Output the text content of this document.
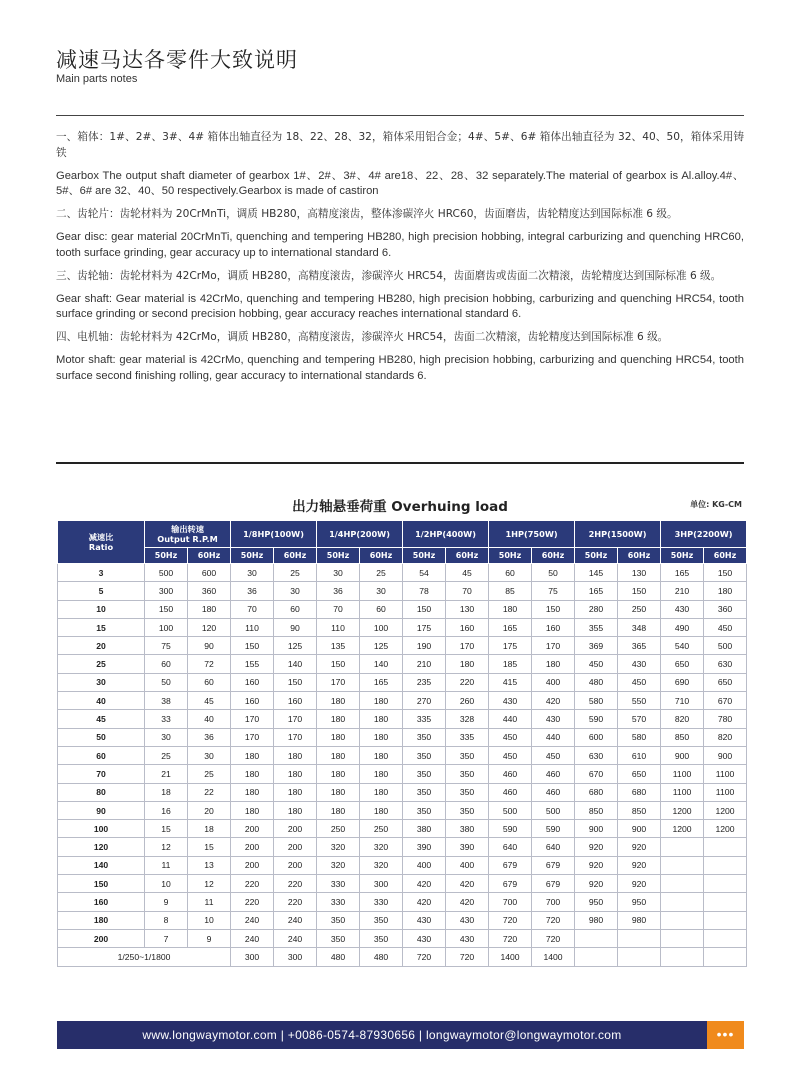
减速马达各零件大致说明
Main parts notes

一、箱体：1#、2#、3#、4# 箱体出轴直径为 18、22、28、32，箱体采用铝合金；4#、5#、6# 箱体出轴直径为 32、40、50，箱体采用铸铁

Gearbox The output shaft diameter of gearbox 1#、2#、3#、4# are18、22、28、32 separately.The material of gearbox is Al.alloy.4#、5#、6# are 32、40、50 respectively.Gearbox is made of castiron

二、齿轮片：齿轮材料为 20CrMnTi，调质 HB280，高精度滚齿，整体渗碳淬火 HRC60，齿面磨齿，齿轮精度达到国际标准 6 级。

Gear disc: gear material 20CrMnTi, quenching and tempering HB280, high precision hobbing, integral carburizing and quenching HRC60, tooth surface grinding, gear accuracy up to international standard 6.

三、齿轮轴：齿轮材料为 42CrMo，调质 HB280，高精度滚齿，渗碳淬火 HRC54，齿面磨齿或齿面二次精滚，齿轮精度达到国际标准 6 级。

Gear shaft: Gear material is 42CrMo, quenching and tempering HB280, high precision hobbing, carburizing and quenching HRC54, tooth surface grinding or second precision hobbing, gear accuracy reaches international standard 6.

四、电机轴：齿轮材料为 42CrMo，调质 HB280，高精度滚齿，渗碳淬火 HRC54，齿面二次精滚，齿轮精度达到国际标准 6 级。

Motor shaft: gear material is 42CrMo, quenching and tempering HB280, high precision hobbing, carburizing and quenching HRC54, tooth surface second finishing rolling, gear accuracy to international standards 6.

出力轴悬垂荷重 Overhuing load	单位: KG-CM
减速比
Ratio	输出转速
Output R.P.M		1/8HP(100W)		1/4HP(200W)		1/2HP(400W)		1HP(750W)		2HP(1500W)		3HP(2200W)	
	50Hz	60Hz	50Hz	60Hz	50Hz	60Hz	50Hz	60Hz	50Hz	60Hz	50Hz	60Hz	50Hz	60Hz
3	500	600	30	25	30	25	54	45	60	50	145	130	165	150
5	300	360	36	30	36	30	78	70	85	75	165	150	210	180
10	150	180	70	60	70	60	150	130	180	150	280	250	430	360
15	100	120	110	90	110	100	175	160	165	160	355	348	490	450
20	75	90	150	125	135	125	190	170	175	170	369	365	540	500
25	60	72	155	140	150	140	210	180	185	180	450	430	650	630
30	50	60	160	150	170	165	235	220	415	400	480	450	690	650
40	38	45	160	160	180	180	270	260	430	420	580	550	710	670
45	33	40	170	170	180	180	335	328	440	430	590	570	820	780
50	30	36	170	170	180	180	350	335	450	440	600	580	850	820
60	25	30	180	180	180	180	350	350	450	450	630	610	900	900
70	21	25	180	180	180	180	350	350	460	460	670	650	1100	1100
80	18	22	180	180	180	180	350	350	460	460	680	680	1100	1100
90	16	20	180	180	180	180	350	350	500	500	850	850	1200	1200
100	15	18	200	200	250	250	380	380	590	590	900	900	1200	1200
120	12	15	200	200	320	320	390	390	640	640	920	920		
140	11	13	200	200	320	320	400	400	679	679	920	920		
150	10	12	220	220	330	300	420	420	679	679	920	920		
160	9	11	220	220	330	330	420	420	700	700	950	950		
180	8	10	240	240	350	350	430	430	720	720	980	980		
200	7	9	240	240	350	350	430	430	720	720				
1/250~1/1800			300	300	480	480	720	720	1400	1400				
www.longwaymotor.com | +0086-0574-87930656 | longwaymotor@longwaymotor.com	•••
